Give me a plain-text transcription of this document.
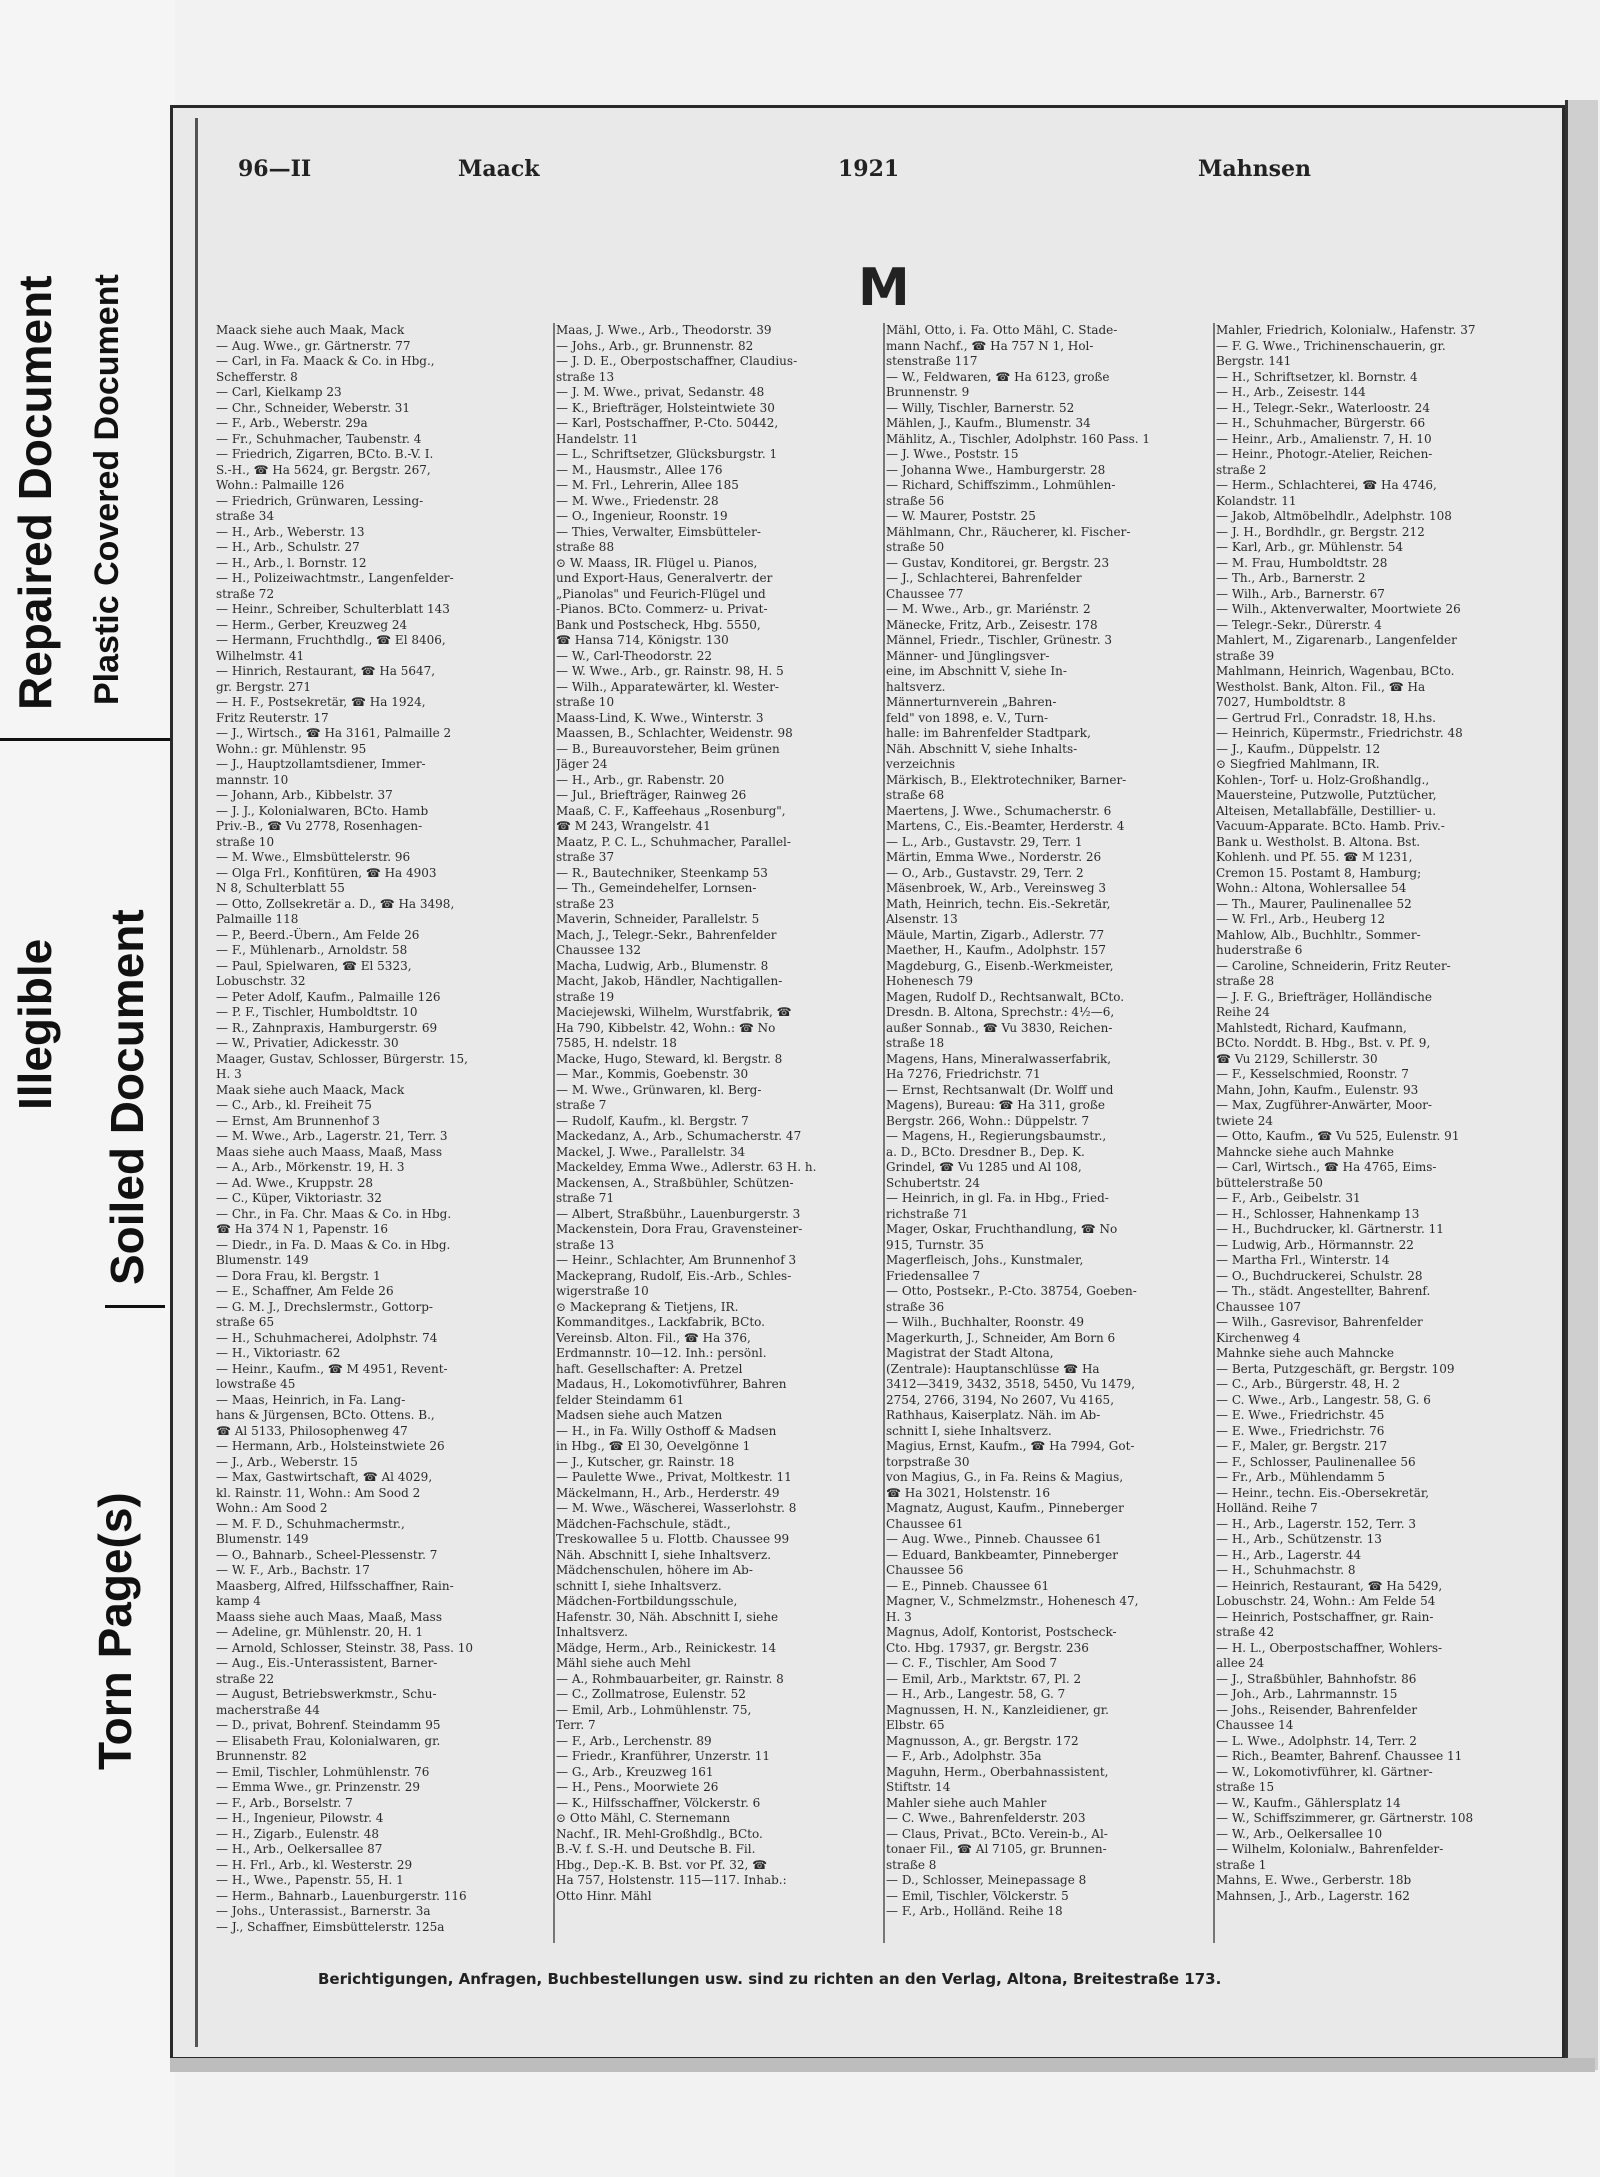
Repaired Document Plastic Covered Document
Illegible Soiled Document
Torn Page(s)
96—II	Maack	1921	Mahnsen
M
Maack siehe auch Maak, Mack
— Aug. Wwe., gr. Gärtnerstr. 77
— Carl, in Fa. Maack & Co. in Hbg.,
Schefferstr. 8
— Carl, Kielkamp 23
— Chr., Schneider, Weberstr. 31
— F., Arb., Weberstr. 29a
— Fr., Schuhmacher, Taubenstr. 4
— Friedrich, Zigarren, BCto. B.-V. I.
S.-H., ☎ Ha 5624, gr. Bergstr. 267,
Wohn.: Palmaille 126
— Friedrich, Grünwaren, Lessing-
straße 34
— H., Arb., Weberstr. 13
— H., Arb., Schulstr. 27
— H., Arb., l. Bornstr. 12
— H., Polizeiwachtmstr., Langenfelder-
straße 72
— Heinr., Schreiber, Schulterblatt 143
— Herm., Gerber, Kreuzweg 24
— Hermann, Fruchthdlg., ☎ El 8406,
Wilhelmstr. 41
— Hinrich, Restaurant, ☎ Ha 5647,
gr. Bergstr. 271
— H. F., Postsekretär, ☎ Ha 1924,
Fritz Reuterstr. 17
— J., Wirtsch., ☎ Ha 3161, Palmaille 2
Wohn.: gr. Mühlenstr. 95
— J., Hauptzollamtsdiener, Immer-
mannstr. 10
— Johann, Arb., Kibbelstr. 37
— J. J., Kolonialwaren, BCto. Hamb
Priv.-B., ☎ Vu 2778, Rosenhagen-
straße 10
— M. Wwe., Elmsbüttelerstr. 96
— Olga Frl., Konfitüren, ☎ Ha 4903
N 8, Schulterblatt 55
— Otto, Zollsekretär a. D., ☎ Ha 3498,
Palmaille 118
— P., Beerd.-Übern., Am Felde 26
— F., Mühlenarb., Arnoldstr. 58
— Paul, Spielwaren, ☎ El 5323,
Lobuschstr. 32
— Peter Adolf, Kaufm., Palmaille 126
— P. F., Tischler, Humboldtstr. 10
— R., Zahnpraxis, Hamburgerstr. 69
— W., Privatier, Adickesstr. 30
Maager, Gustav, Schlosser, Bürgerstr. 15,
H. 3
Maak siehe auch Maack, Mack
— C., Arb., kl. Freiheit 75
— Ernst, Am Brunnenhof 3
— M. Wwe., Arb., Lagerstr. 21, Terr. 3
Maas siehe auch Maass, Maaß, Mass
— A., Arb., Mörkenstr. 19, H. 3
— Ad. Wwe., Kruppstr. 28
— C., Küper, Viktoriastr. 32
— Chr., in Fa. Chr. Maas & Co. in Hbg.
☎ Ha 374 N 1, Papenstr. 16
— Diedr., in Fa. D. Maas & Co. in Hbg.
Blumenstr. 149
— Dora Frau, kl. Bergstr. 1
— E., Schaffner, Am Felde 26
— G. M. J., Drechslermstr., Gottorp-
straße 65
— H., Schuhmacherei, Adolphstr. 74
— H., Viktoriastr. 62
— Heinr., Kaufm., ☎ M 4951, Revent-
lowstraße 45
— Maas, Heinrich, in Fa. Lang-
hans & Jürgensen, BCto. Ottens. B.,
☎ Al 5133, Philosophenweg 47
— Hermann, Arb., Holsteinstwiete 26
— J., Arb., Weberstr. 15
— Max, Gastwirtschaft, ☎ Al 4029,
kl. Rainstr. 11, Wohn.: Am Sood 2
Wohn.: Am Sood 2
— M. F. D., Schuhmachermstr.,
Blumenstr. 149
— O., Bahnarb., Scheel-Plessenstr. 7
— W. F., Arb., Bachstr. 17
Maasberg, Alfred, Hilfsschaffner, Rain-
kamp 4
Maass siehe auch Maas, Maaß, Mass
— Adeline, gr. Mühlenstr. 20, H. 1
— Arnold, Schlosser, Steinstr. 38, Pass. 10
— Aug., Eis.-Unterassistent, Barner-
straße 22
— August, Betriebswerkmstr., Schu-
macherstraße 44
— D., privat, Bohrenf. Steindamm 95
— Elisabeth Frau, Kolonialwaren, gr.
Brunnenstr. 82
— Emil, Tischler, Lohmühlenstr. 76
— Emma Wwe., gr. Prinzenstr. 29
— F., Arb., Borselstr. 7
— H., Ingenieur, Pilowstr. 4
— H., Zigarb., Eulenstr. 48
— H., Arb., Oelkersallee 87
— H. Frl., Arb., kl. Westerstr. 29
— H., Wwe., Papenstr. 55, H. 1
— Herm., Bahnarb., Lauenburgerstr. 116
— Johs., Unterassist., Barnerstr. 3a
— J., Schaffner, Eimsbüttelerstr. 125a
Maas, J. Wwe., Arb., Theodorstr. 39
— Johs., Arb., gr. Brunnenstr. 82
— J. D. E., Oberpostschaffner, Claudius-
straße 13
— J. M. Wwe., privat, Sedanstr. 48
— K., Briefträger, Holsteintwiete 30
— Karl, Postschaffner, P.-Cto. 50442,
Handelstr. 11
— L., Schriftsetzer, Glücksburgstr. 1
— M., Hausmstr., Allee 176
— M. Frl., Lehrerin, Allee 185
— M. Wwe., Friedenstr. 28
— O., Ingenieur, Roonstr. 19
— Thies, Verwalter, Eimsbütteler-
straße 88
⊙ W. Maass, IR. Flügel u. Pianos,
und Export-Haus, Generalvertr. der
„Pianolas" und Feurich-Flügel und
-Pianos. BCto. Commerz- u. Privat-
Bank und Postscheck, Hbg. 5550,
☎ Hansa 714, Königstr. 130
— W., Carl-Theodorstr. 22
— W. Wwe., Arb., gr. Rainstr. 98, H. 5
— Wilh., Apparatewärter, kl. Wester-
straße 10
Maass-Lind, K. Wwe., Winterstr. 3
Maassen, B., Schlachter, Weidenstr. 98
— B., Bureauvorsteher, Beim grünen
Jäger 24
— H., Arb., gr. Rabenstr. 20
— Jul., Briefträger, Rainweg 26
Maaß, C. F., Kaffeehaus „Rosenburg",
☎ M 243, Wrangelstr. 41
Maatz, P. C. L., Schuhmacher, Parallel-
straße 37
— R., Bautechniker, Steenkamp 53
— Th., Gemeindehelfer, Lornsen-
straße 23
Maverin, Schneider, Parallelstr. 5
Mach, J., Telegr.-Sekr., Bahrenfelder
Chaussee 132
Macha, Ludwig, Arb., Blumenstr. 8
Macht, Jakob, Händler, Nachtigallen-
straße 19
Maciejewski, Wilhelm, Wurstfabrik, ☎
Ha 790, Kibbelstr. 42, Wohn.: ☎ No
7585, H. ndelstr. 18
Macke, Hugo, Steward, kl. Bergstr. 8
— Mar., Kommis, Goebenstr. 30
— M. Wwe., Grünwaren, kl. Berg-
straße 7
— Rudolf, Kaufm., kl. Bergstr. 7
Mackedanz, A., Arb., Schumacherstr. 47
Mackel, J. Wwe., Parallelstr. 34
Mackeldey, Emma Wwe., Adlerstr. 63 H. h.
Mackensen, A., Straßbühler, Schützen-
straße 71
— Albert, Straßbühr., Lauenburgerstr. 3
Mackenstein, Dora Frau, Gravensteiner-
straße 13
— Heinr., Schlachter, Am Brunnenhof 3
Mackeprang, Rudolf, Eis.-Arb., Schles-
wigerstraße 10
⊙ Mackeprang & Tietjens, IR.
Kommanditges., Lackfabrik, BCto.
Vereinsb. Alton. Fil., ☎ Ha 376,
Erdmannstr. 10—12. Inh.: persönl.
haft. Gesellschafter: A. Pretzel
Madaus, H., Lokomotivführer, Bahren
felder Steindamm 61
Madsen siehe auch Matzen
— H., in Fa. Willy Osthoff & Madsen
in Hbg., ☎ El 30, Oevelgönne 1
— J., Kutscher, gr. Rainstr. 18
— Paulette Wwe., Privat, Moltkestr. 11
Mäckelmann, H., Arb., Herderstr. 49
— M. Wwe., Wäscherei, Wasserlohstr. 8
Mädchen-Fachschule, städt.,
Treskowallee 5 u. Flottb. Chaussee 99
Näh. Abschnitt I, siehe Inhaltsverz.
Mädchenschulen, höhere im Ab-
schnitt I, siehe Inhaltsverz.
Mädchen-Fortbildungsschule,
Hafenstr. 30, Näh. Abschnitt I, siehe
Inhaltsverz.
Mädge, Herm., Arb., Reinickestr. 14
Mähl siehe auch Mehl
— A., Rohmbauarbeiter, gr. Rainstr. 8
— C., Zollmatrose, Eulenstr. 52
— Emil, Arb., Lohmühlenstr. 75,
Terr. 7
— F., Arb., Lerchenstr. 89
— Friedr., Kranführer, Unzerstr. 11
— G., Arb., Kreuzweg 161
— H., Pens., Moorwiete 26
— K., Hilfsschaffner, Völckerstr. 6
⊙ Otto Mähl, C. Sternemann
Nachf., IR. Mehl-Großhdlg., BCto.
B.-V. f. S.-H. und Deutsche B. Fil.
Hbg., Dep.-K. B. Bst. vor Pf. 32, ☎
Ha 757, Holstenstr. 115—117. Inhab.:
Otto Hinr. Mähl
Mähl, Otto, i. Fa. Otto Mähl, C. Stade-
mann Nachf., ☎ Ha 757 N 1, Hol-
stenstraße 117
— W., Feldwaren, ☎ Ha 6123, große
Brunnenstr. 9
— Willy, Tischler, Barnerstr. 52
Mählen, J., Kaufm., Blumenstr. 34
Mählitz, A., Tischler, Adolphstr. 160 Pass. 1
— J. Wwe., Poststr. 15
— Johanna Wwe., Hamburgerstr. 28
— Richard, Schiffszimm., Lohmühlen-
straße 56
— W. Maurer, Poststr. 25
Mählmann, Chr., Räucherer, kl. Fischer-
straße 50
— Gustav, Konditorei, gr. Bergstr. 23
— J., Schlachterei, Bahrenfelder
Chaussee 77
— M. Wwe., Arb., gr. Mariénstr. 2
Mänecke, Fritz, Arb., Zeisestr. 178
Männel, Friedr., Tischler, Grünestr. 3
Männer- und Jünglingsver-
eine, im Abschnitt V, siehe In-
haltsverz.
Männerturnverein „Bahren-
feld" von 1898, e. V., Turn-
halle: im Bahrenfelder Stadtpark,
Näh. Abschnitt V, siehe Inhalts-
verzeichnis
Märkisch, B., Elektrotechniker, Barner-
straße 68
Maertens, J. Wwe., Schumacherstr. 6
Martens, C., Eis.-Beamter, Herderstr. 4
— L., Arb., Gustavstr. 29, Terr. 1
Märtin, Emma Wwe., Norderstr. 26
— O., Arb., Gustavstr. 29, Terr. 2
Mäsenbroek, W., Arb., Vereinsweg 3
Math, Heinrich, techn. Eis.-Sekretär,
Alsenstr. 13
Mäule, Martin, Zigarb., Adlerstr. 77
Maether, H., Kaufm., Adolphstr. 157
Magdeburg, G., Eisenb.-Werkmeister,
Hohenesch 79
Magen, Rudolf D., Rechtsanwalt, BCto.
Dresdn. B. Altona, Sprechstr.: 4½—6,
außer Sonnab., ☎ Vu 3830, Reichen-
straße 18
Magens, Hans, Mineralwasserfabrik,
Ha 7276, Friedrichstr. 71
— Ernst, Rechtsanwalt (Dr. Wolff und
Magens), Bureau: ☎ Ha 311, große
Bergstr. 266, Wohn.: Düppelstr. 7
— Magens, H., Regierungsbaumstr.,
a. D., BCto. Dresdner B., Dep. K.
Grindel, ☎ Vu 1285 und Al 108,
Schubertstr. 24
— Heinrich, in gl. Fa. in Hbg., Fried-
richstraße 71
Mager, Oskar, Fruchthandlung, ☎ No
915, Turnstr. 35
Magerfleisch, Johs., Kunstmaler,
Friedensallee 7
— Otto, Postsekr., P.-Cto. 38754, Goeben-
straße 36
— Wilh., Buchhalter, Roonstr. 49
Magerkurth, J., Schneider, Am Born 6
Magistrat der Stadt Altona,
(Zentrale): Hauptanschlüsse ☎ Ha
3412—3419, 3432, 3518, 5450, Vu 1479,
2754, 2766, 3194, No 2607, Vu 4165,
Rathhaus, Kaiserplatz. Näh. im Ab-
schnitt I, siehe Inhaltsverz.
Magius, Ernst, Kaufm., ☎ Ha 7994, Got-
torpstraße 30
von Magius, G., in Fa. Reins & Magius,
☎ Ha 3021, Holstenstr. 16
Magnatz, August, Kaufm., Pinneberger
Chaussee 61
— Aug. Wwe., Pinneb. Chaussee 61
— Eduard, Bankbeamter, Pinneberger
Chaussee 56
— E., Pinneb. Chaussee 61
Magner, V., Schmelzmstr., Hohenesch 47,
H. 3
Magnus, Adolf, Kontorist, Postscheck-
Cto. Hbg. 17937, gr. Bergstr. 236
— C. F., Tischler, Am Sood 7
— Emil, Arb., Marktstr. 67, Pl. 2
— H., Arb., Langestr. 58, G. 7
Magnussen, H. N., Kanzleidiener, gr.
Elbstr. 65
Magnusson, A., gr. Bergstr. 172
— F., Arb., Adolphstr. 35a
Maguhn, Herm., Oberbahnassistent,
Stiftstr. 14
Mahler siehe auch Mahler
— C. Wwe., Bahrenfelderstr. 203
— Claus, Privat., BCto. Verein-b., Al-
tonaer Fil., ☎ Al 7105, gr. Brunnen-
straße 8
— D., Schlosser, Meinepassage 8
— Emil, Tischler, Völckerstr. 5
— F., Arb., Holländ. Reihe 18
Mahler, Friedrich, Kolonialw., Hafenstr. 37
— F. G. Wwe., Trichinenschauerin, gr.
Bergstr. 141
— H., Schriftsetzer, kl. Bornstr. 4
— H., Arb., Zeisestr. 144
— H., Telegr.-Sekr., Waterloostr. 24
— H., Schuhmacher, Bürgerstr. 66
— Heinr., Arb., Amalienstr. 7, H. 10
— Heinr., Photogr.-Atelier, Reichen-
straße 2
— Herm., Schlachterei, ☎ Ha 4746,
Kolandstr. 11
— Jakob, Altmöbelhdlr., Adelphstr. 108
— J. H., Bordhdlr., gr. Bergstr. 212
— Karl, Arb., gr. Mühlenstr. 54
— M. Frau, Humboldtstr. 28
— Th., Arb., Barnerstr. 2
— Wilh., Arb., Barnerstr. 67
— Wilh., Aktenverwalter, Moortwiete 26
— Telegr.-Sekr., Dürerstr. 4
Mahlert, M., Zigarenarb., Langenfelder
straße 39
Mahlmann, Heinrich, Wagenbau, BCto.
Westholst. Bank, Alton. Fil., ☎ Ha
7027, Humboldtstr. 8
— Gertrud Frl., Conradstr. 18, H.hs.
— Heinrich, Küpermstr., Friedrichstr. 48
— J., Kaufm., Düppelstr. 12
⊙ Siegfried Mahlmann, IR.
Kohlen-, Torf- u. Holz-Großhandlg.,
Mauersteine, Putzwolle, Putztücher,
Alteisen, Metallabfälle, Destillier- u.
Vacuum-Apparate. BCto. Hamb. Priv.-
Bank u. Westholst. B. Altona. Bst.
Kohlenh. und Pf. 55. ☎ M 1231,
Cremon 15. Postamt 8, Hamburg;
Wohn.: Altona, Wohlersallee 54
— Th., Maurer, Paulinenallee 52
— W. Frl., Arb., Heuberg 12
Mahlow, Alb., Buchhltr., Sommer-
huderstraße 6
— Caroline, Schneiderin, Fritz Reuter-
straße 28
— J. F. G., Briefträger, Holländische
Reihe 24
Mahlstedt, Richard, Kaufmann,
BCto. Norddt. B. Hbg., Bst. v. Pf. 9,
☎ Vu 2129, Schillerstr. 30
— F., Kesselschmied, Roonstr. 7
Mahn, John, Kaufm., Eulenstr. 93
— Max, Zugführer-Anwärter, Moor-
twiete 24
— Otto, Kaufm., ☎ Vu 525, Eulenstr. 91
Mahncke siehe auch Mahnke
— Carl, Wirtsch., ☎ Ha 4765, Eims-
büttelerstraße 50
— F., Arb., Geibelstr. 31
— H., Schlosser, Hahnenkamp 13
— H., Buchdrucker, kl. Gärtnerstr. 11
— Ludwig, Arb., Hörmannstr. 22
— Martha Frl., Winterstr. 14
— O., Buchdruckerei, Schulstr. 28
— Th., städt. Angestellter, Bahrenf.
Chaussee 107
— Wilh., Gasrevisor, Bahrenfelder
Kirchenweg 4
Mahnke siehe auch Mahncke
— Berta, Putzgeschäft, gr. Bergstr. 109
— C., Arb., Bürgerstr. 48, H. 2
— C. Wwe., Arb., Langestr. 58, G. 6
— E. Wwe., Friedrichstr. 45
— E. Wwe., Friedrichstr. 76
— F., Maler, gr. Bergstr. 217
— F., Schlosser, Paulinenallee 56
— Fr., Arb., Mühlendamm 5
— Heinr., techn. Eis.-Obersekretär,
Holländ. Reihe 7
— H., Arb., Lagerstr. 152, Terr. 3
— H., Arb., Schützenstr. 13
— H., Arb., Lagerstr. 44
— H., Schuhmachstr. 8
— Heinrich, Restaurant, ☎ Ha 5429,
Lobuschstr. 24, Wohn.: Am Felde 54
— Heinrich, Postschaffner, gr. Rain-
straße 42
— H. L., Oberpostschaffner, Wohlers-
allee 24
— J., Straßbühler, Bahnhofstr. 86
— Joh., Arb., Lahrmannstr. 15
— Johs., Reisender, Bahrenfelder
Chaussee 14
— L. Wwe., Adolphstr. 14, Terr. 2
— Rich., Beamter, Bahrenf. Chaussee 11
— W., Lokomotivführer, kl. Gärtner-
straße 15
— W., Kaufm., Gählersplatz 14
— W., Schiffszimmerer, gr. Gärtnerstr. 108
— W., Arb., Oelkersallee 10
— Wilhelm, Kolonialw., Bahrenfelder-
straße 1
Mahns, E. Wwe., Gerberstr. 18b
Mahnsen, J., Arb., Lagerstr. 162
Berichtigungen, Anfragen, Buchbestellungen usw. sind zu richten an den Verlag, Altona, Breitestraße 173.
